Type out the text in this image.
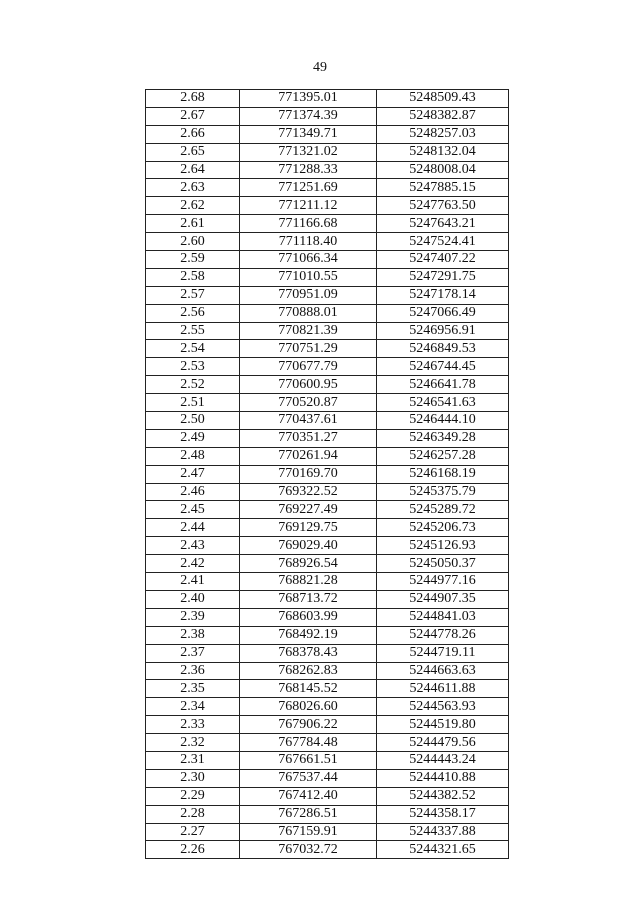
49
2.68	771395.01	5248509.43
2.67	771374.39	5248382.87
2.66	771349.71	5248257.03
2.65	771321.02	5248132.04
2.64	771288.33	5248008.04
2.63	771251.69	5247885.15
2.62	771211.12	5247763.50
2.61	771166.68	5247643.21
2.60	771118.40	5247524.41
2.59	771066.34	5247407.22
2.58	771010.55	5247291.75
2.57	770951.09	5247178.14
2.56	770888.01	5247066.49
2.55	770821.39	5246956.91
2.54	770751.29	5246849.53
2.53	770677.79	5246744.45
2.52	770600.95	5246641.78
2.51	770520.87	5246541.63
2.50	770437.61	5246444.10
2.49	770351.27	5246349.28
2.48	770261.94	5246257.28
2.47	770169.70	5246168.19
2.46	769322.52	5245375.79
2.45	769227.49	5245289.72
2.44	769129.75	5245206.73
2.43	769029.40	5245126.93
2.42	768926.54	5245050.37
2.41	768821.28	5244977.16
2.40	768713.72	5244907.35
2.39	768603.99	5244841.03
2.38	768492.19	5244778.26
2.37	768378.43	5244719.11
2.36	768262.83	5244663.63
2.35	768145.52	5244611.88
2.34	768026.60	5244563.93
2.33	767906.22	5244519.80
2.32	767784.48	5244479.56
2.31	767661.51	5244443.24
2.30	767537.44	5244410.88
2.29	767412.40	5244382.52
2.28	767286.51	5244358.17
2.27	767159.91	5244337.88
2.26	767032.72	5244321.65
